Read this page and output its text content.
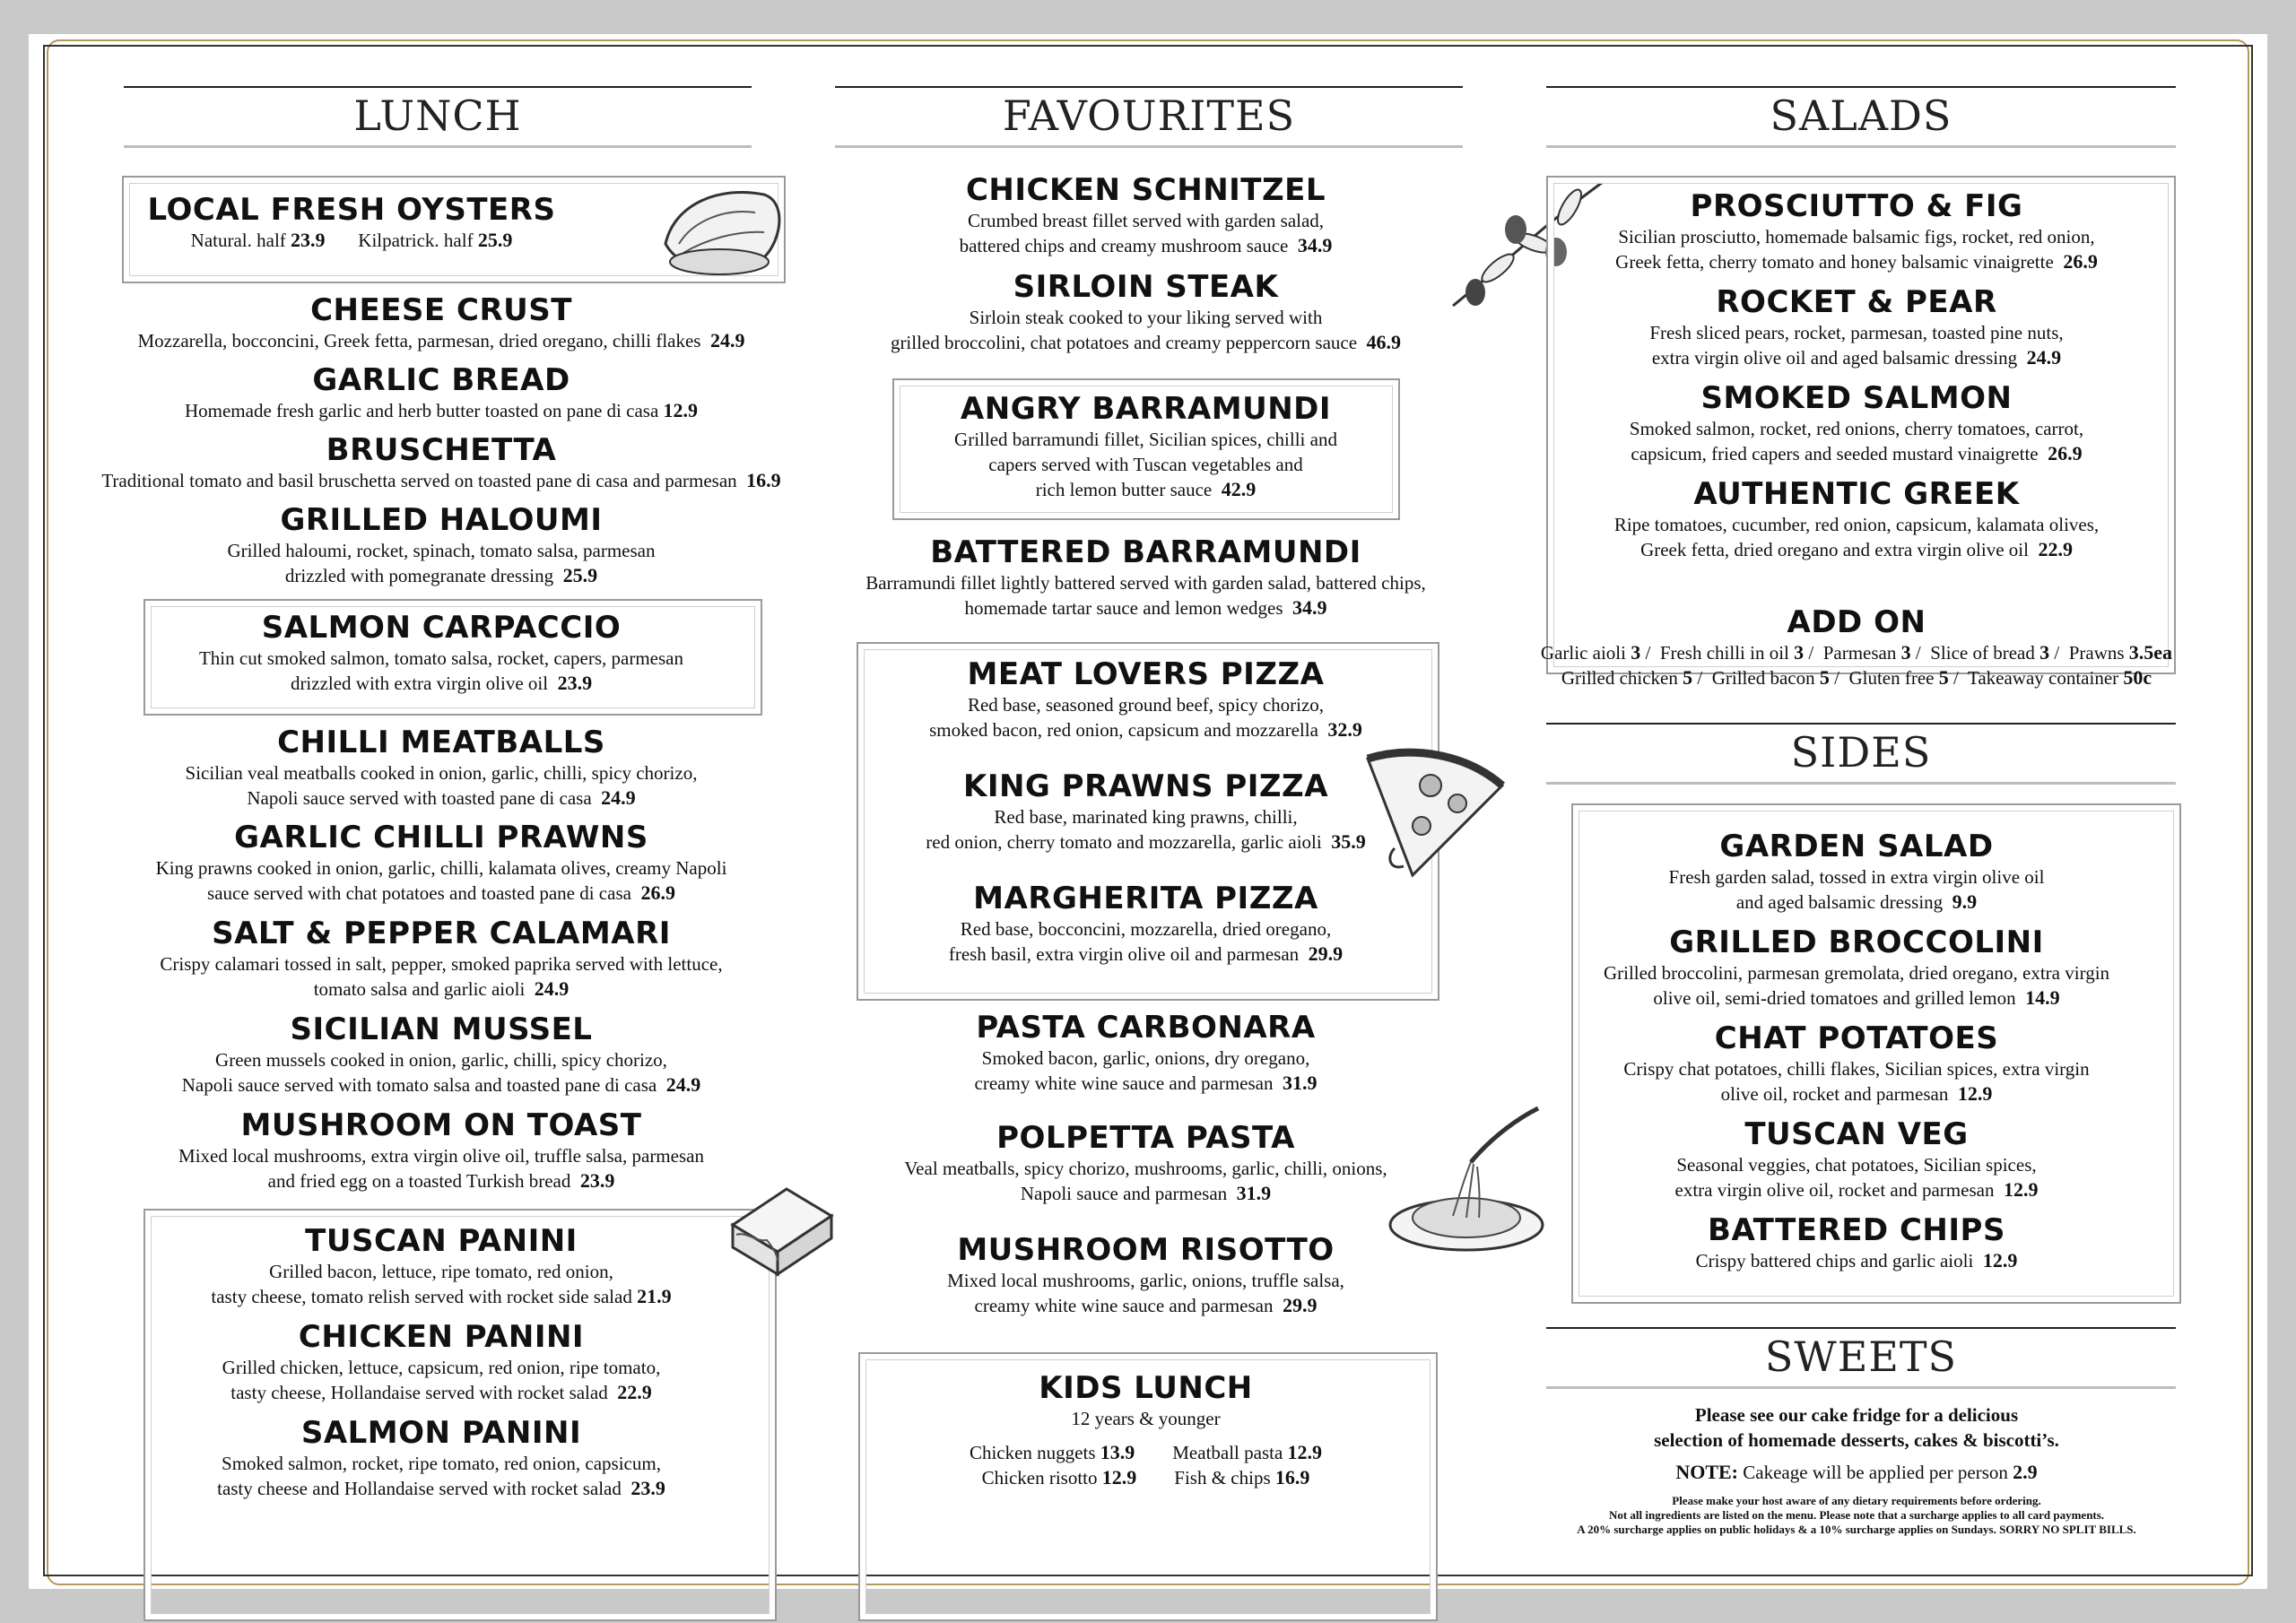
LUNCH
LOCAL FRESH OYSTERS
Natural. half 23.9 Kilpatrick. half 25.9
CHEESE CRUST
Mozzarella, bocconcini, Greek fetta, parmesan, dried oregano, chilli flakes 24.9
GARLIC BREAD
Homemade fresh garlic and herb butter toasted on pane di casa 12.9
BRUSCHETTA
Traditional tomato and basil bruschetta served on toasted pane di casa and parmesan 16.9
GRILLED HALOUMI
Grilled haloumi, rocket, spinach, tomato salsa, parmesan
drizzled with pomegranate dressing 25.9
SALMON CARPACCIO
Thin cut smoked salmon, tomato salsa, rocket, capers, parmesan
drizzled with extra virgin olive oil 23.9
CHILLI MEATBALLS
Sicilian veal meatballs cooked in onion, garlic, chilli, spicy chorizo,
Napoli sauce served with toasted pane di casa 24.9
GARLIC CHILLI PRAWNS
King prawns cooked in onion, garlic, chilli, kalamata olives, creamy Napoli
sauce served with chat potatoes and toasted pane di casa 26.9
SALT & PEPPER CALAMARI
Crispy calamari tossed in salt, pepper, smoked paprika served with lettuce,
tomato salsa and garlic aioli 24.9
SICILIAN MUSSEL
Green mussels cooked in onion, garlic, chilli, spicy chorizo,
Napoli sauce served with tomato salsa and toasted pane di casa 24.9
MUSHROOM ON TOAST
Mixed local mushrooms, extra virgin olive oil, truffle salsa, parmesan
and fried egg on a toasted Turkish bread 23.9
TUSCAN PANINI
Grilled bacon, lettuce, ripe tomato, red onion,
tasty cheese, tomato relish served with rocket side salad 21.9
CHICKEN PANINI
Grilled chicken, lettuce, capsicum, red onion, ripe tomato,
tasty cheese, Hollandaise served with rocket salad 22.9
SALMON PANINI
Smoked salmon, rocket, ripe tomato, red onion, capsicum,
tasty cheese and Hollandaise served with rocket salad 23.9
FAVOURITES
CHICKEN SCHNITZEL
Crumbed breast fillet served with garden salad,
battered chips and creamy mushroom sauce 34.9
SIRLOIN STEAK
Sirloin steak cooked to your liking served with
grilled broccolini, chat potatoes and creamy peppercorn sauce 46.9
ANGRY BARRAMUNDI
Grilled barramundi fillet, Sicilian spices, chilli and
capers served with Tuscan vegetables and
rich lemon butter sauce 42.9
BATTERED BARRAMUNDI
Barramundi fillet lightly battered served with garden salad, battered chips,
homemade tartar sauce and lemon wedges 34.9
MEAT LOVERS PIZZA
Red base, seasoned ground beef, spicy chorizo,
smoked bacon, red onion, capsicum and mozzarella 32.9
KING PRAWNS PIZZA
Red base, marinated king prawns, chilli,
red onion, cherry tomato and mozzarella, garlic aioli 35.9
MARGHERITA PIZZA
Red base, bocconcini, mozzarella, dried oregano,
fresh basil, extra virgin olive oil and parmesan 29.9
PASTA CARBONARA
Smoked bacon, garlic, onions, dry oregano,
creamy white wine sauce and parmesan 31.9
POLPETTA PASTA
Veal meatballs, spicy chorizo, mushrooms, garlic, chilli, onions,
Napoli sauce and parmesan 31.9
MUSHROOM RISOTTO
Mixed local mushrooms, garlic, onions, truffle salsa,
creamy white wine sauce and parmesan 29.9
KIDS LUNCH
12 years & younger
Chicken nuggets 13.9 Meatball pasta 12.9
Chicken risotto 12.9 Fish & chips 16.9
SALADS
PROSCIUTTO & FIG
Sicilian prosciutto, homemade balsamic figs, rocket, red onion,
Greek fetta, cherry tomato and honey balsamic vinaigrette 26.9
ROCKET & PEAR
Fresh sliced pears, rocket, parmesan, toasted pine nuts,
extra virgin olive oil and aged balsamic dressing 24.9
SMOKED SALMON
Smoked salmon, rocket, red onions, cherry tomatoes, carrot,
capsicum, fried capers and seeded mustard vinaigrette 26.9
AUTHENTIC GREEK
Ripe tomatoes, cucumber, red onion, capsicum, kalamata olives,
Greek fetta, dried oregano and extra virgin olive oil 22.9
ADD ON
Garlic aioli 3 /  Fresh chilli in oil 3 /  Parmesan 3 /  Slice of bread 3 /  Prawns 3.5ea
Grilled chicken 5 /  Grilled bacon 5 /  Gluten free 5 /  Takeaway container 50c
SIDES
GARDEN SALAD
Fresh garden salad, tossed in extra virgin olive oil
and aged balsamic dressing 9.9
GRILLED BROCCOLINI
Grilled broccolini, parmesan gremolata, dried oregano, extra virgin
olive oil, semi-dried tomatoes and grilled lemon 14.9
CHAT POTATOES
Crispy chat potatoes, chilli flakes, Sicilian spices, extra virgin
olive oil, rocket and parmesan 12.9
TUSCAN VEG
Seasonal veggies, chat potatoes, Sicilian spices,
extra virgin olive oil, rocket and parmesan 12.9
BATTERED CHIPS
Crispy battered chips and garlic aioli 12.9
SWEETS
Please see our cake fridge for a delicious
selection of homemade desserts, cakes & biscotti’s.
NOTE: Cakeage will be applied per person 2.9
Please make your host aware of any dietary requirements before ordering.
Not all ingredients are listed on the menu. Please note that a surcharge applies to all card payments.
A 20% surcharge applies on public holidays & a 10% surcharge applies on Sundays. SORRY NO SPLIT BILLS.
